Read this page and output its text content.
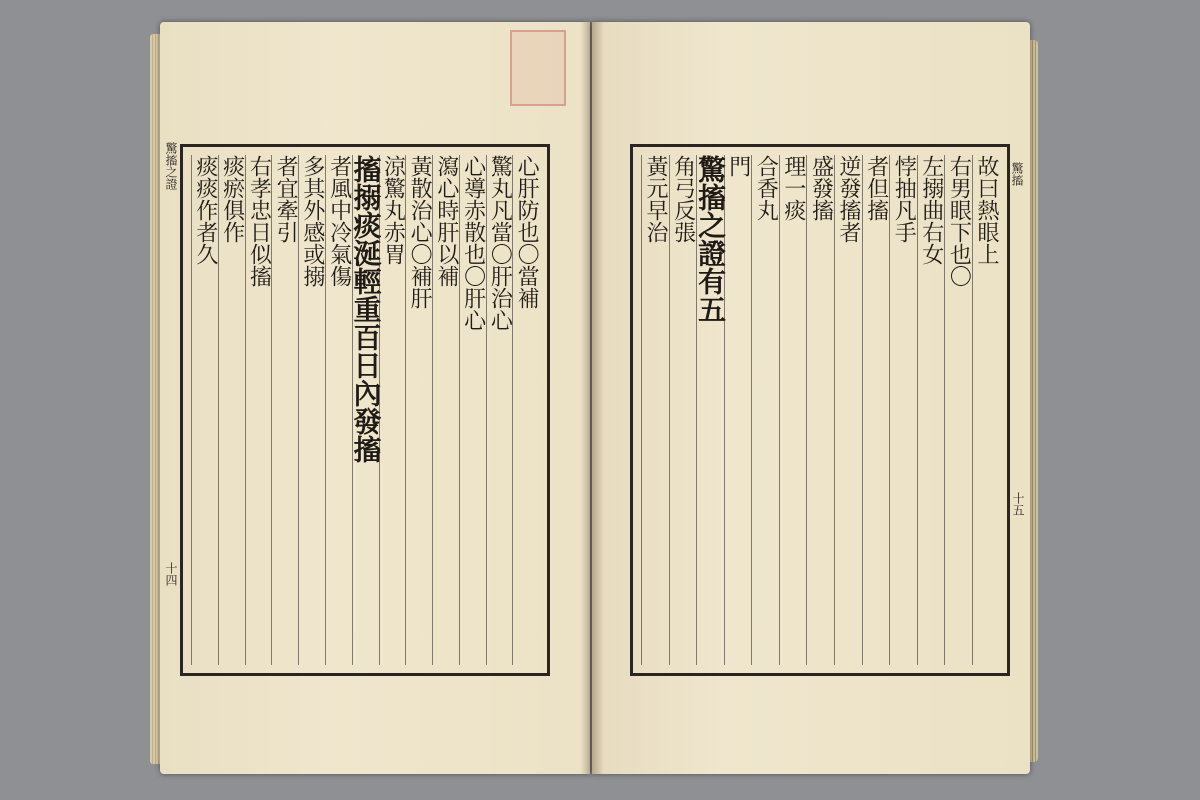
心肝防也〇當補
驚丸凡當〇肝治心
心導赤散也〇肝心
瀉心時肝以補
黃散治心〇補肝
涼驚丸赤胃
搐搦痰涎輕重百日內發搐
者風中冷氣傷
多其外感或搦
者宜牽引
右孝忠日似搐
痰瘀俱作
痰痰作者久	故曰熱眼上
右男眼下也〇
左搦曲右女
悖抽凡手
者但搐
逆發搐者
盛發搐
理一痰
合香丸
門
驚搐之證有五
角弓反張
黃元早治
驚搐之證	驚搐
十四
十五
